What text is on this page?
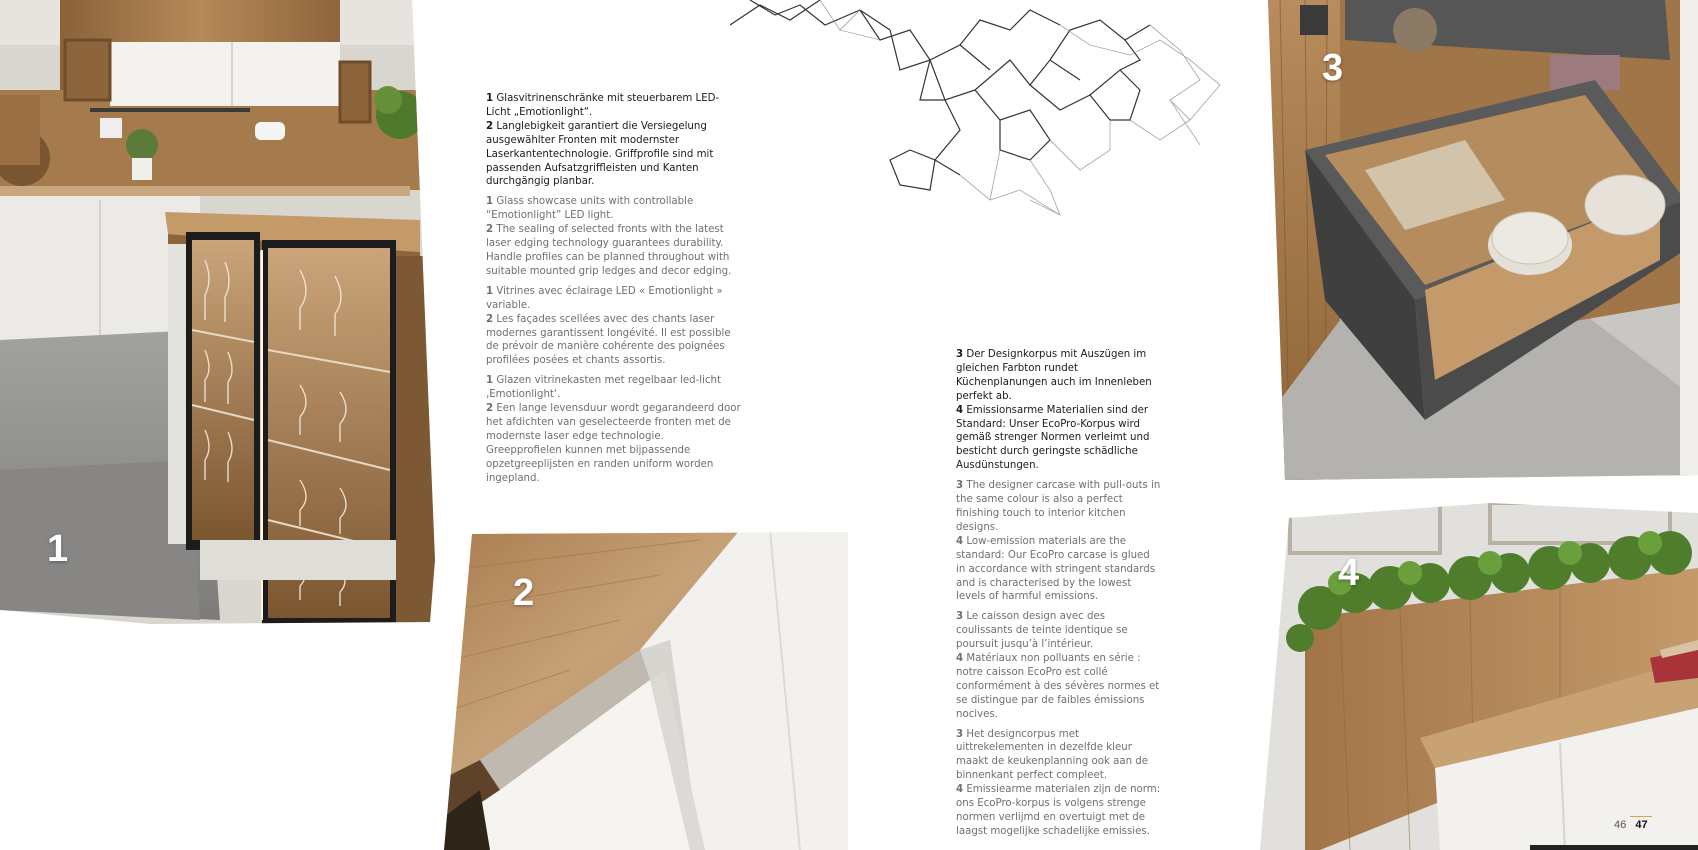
1
2

1 Glasvitrinenschränke mit steuerbarem LED-Licht „Emotionlight“.
2 Langlebigkeit garantiert die Versiegelung ausgewählter Fronten mit modernster Laserkantentechnologie. Griffprofile sind mit passenden Aufsatzgriffleisten und Kanten durchgängig planbar.

1 Glass showcase units with controllable “Emotionlight” LED light.
2 The sealing of selected fronts with the latest laser edging technology guarantees durability. Handle profiles can be planned throughout with suitable mounted grip ledges and decor edging.

1 Vitrines avec éclairage LED « Emotionlight » variable.
2 Les façades scellées avec des chants laser modernes garantissent longévité. Il est possible de prévoir de manière cohérente des poignées profilées posées et chants assortis.

1 Glazen vitrinekasten met regelbaar led-licht ‚Emotionlight‘.
2 Een lange levensduur wordt gegarandeerd door het afdichten van geselecteerde fronten met de modernste laser edge technologie. Greepprofielen kunnen met bijpassende opzetgreeplijsten en randen uniform worden ingepland.

3 Der Designkorpus mit Auszügen im gleichen Farbton rundet Küchenplanungen auch im Innenleben perfekt ab.
4 Emissionsarme Materialien sind der Standard: Unser EcoPro-Korpus wird gemäß strenger Normen verleimt und besticht durch geringste schädliche Ausdünstungen.

3 The designer carcase with pull-outs in the same colour is also a perfect finishing touch to interior kitchen designs.
4 Low-emission materials are the standard: Our EcoPro carcase is glued in accordance with stringent standards and is characterised by the lowest levels of harmful emissions.

3 Le caisson design avec des coulissants de teinte identique se poursuit jusqu’à l’intérieur.
4 Matériaux non polluants en série : notre caisson EcoPro est collé conformément à des sévères normes et se distingue par de faibles émissions nocives.

3 Het designcorpus met uittrekelementen in dezelfde kleur maakt de keukenplanning ook aan de binnenkant perfect compleet.
4 Emissiearme materialen zijn de norm: ons EcoPro-korpus is volgens strenge normen verlijmd en overtuigt met de laagst mogelijke schadelijke emissies.

3
4
46 47
